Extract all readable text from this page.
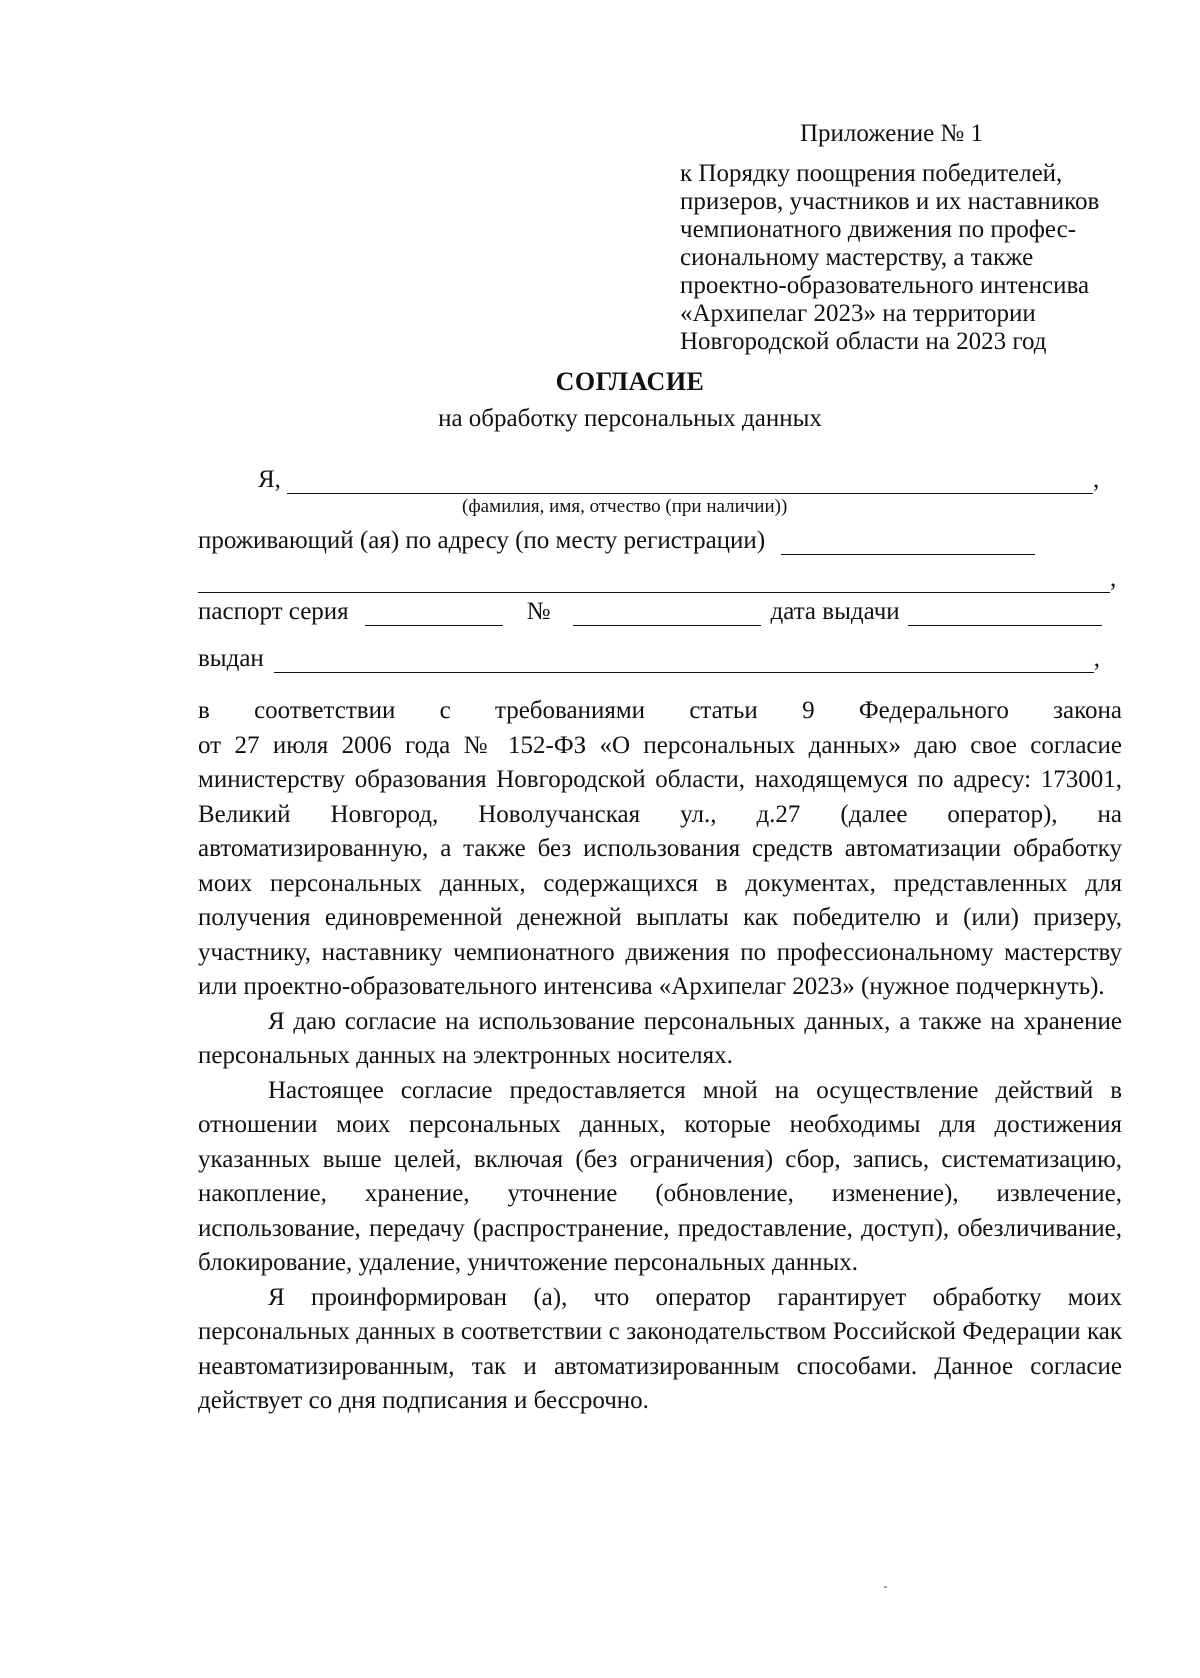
Приложение № 1
к Порядку поощрения победителей,
призеров, участников и их наставников
чемпионатного движения по профес-
сиональному мастерству, а также
проектно-образовательного интенсива
«Архипелаг 2023» на территории
Новгородской области на 2023 год
СОГЛАСИЕ
на обработку персональных данных
Я,	,
(фамилия, имя, отчество (при наличии))
проживающий (ая) по адресу (по месту регистрации)
,
паспорт серия	№	дата выдачи
выдан	,

в соответствии с требованиями статьи 9 Федерального закона
от 27 июля 2006 года № 152-ФЗ «О персональных данных» даю свое согласие министерству образования Новгородской области, находящемуся по адресу: 173001, Великий Новгород, Новолучанская ул., д.27 (далее оператор), на автоматизированную, а также без использования средств автоматизации обработку моих персональных данных, содержащихся в документах, представленных для получения единовременной денежной выплаты как победителю и (или) призеру, участнику, наставнику чемпионатного движения по профессиональному мастерству или проектно-образовательного интенсива «Архипелаг 2023» (нужное подчеркнуть).

Я даю согласие на использование персональных данных, а также на хранение персональных данных на электронных носителях.

Настоящее согласие предоставляется мной на осуществление действий в отношении моих персональных данных, которые необходимы для достижения указанных выше целей, включая (без ограничения) сбор, запись, систематизацию, накопление, хранение, уточнение (обновление, изменение), извлечение, использование, передачу (распространение, предоставление, доступ), обезличивание, блокирование, удаление, уничтожение персональных данных.

Я проинформирован (а), что оператор гарантирует обработку моих персональных данных в соответствии с законодательством Российской Федерации как неавтоматизированным, так и автоматизированным способами. Данное согласие действует со дня подписания и бессрочно.
